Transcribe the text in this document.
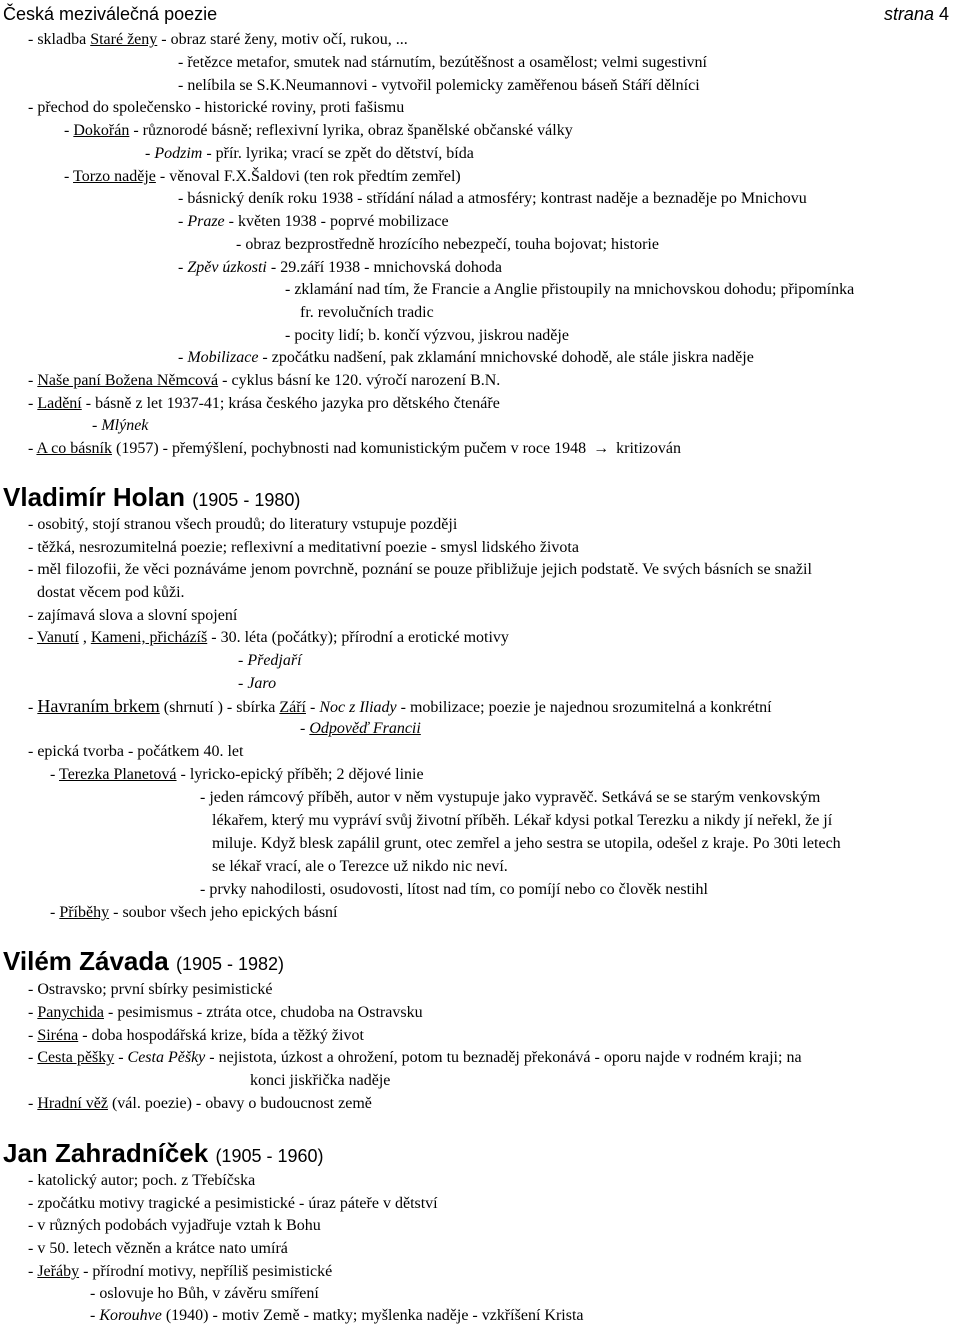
Česká meziválečná poezie	strana 4
- skladba Staré ženy - obraz staré ženy, motiv očí, rukou, ...
- řetězce metafor, smutek nad stárnutím, bezútěšnost a osamělost; velmi sugestivní
- nelíbila se S.K.Neumannovi - vytvořil polemicky zaměřenou báseň Stáří dělníci
- přechod do společensko - historické roviny, proti fašismu
- Dokořán - různorodé básně; reflexivní lyrika, obraz španělské občanské války
- Podzim - přír. lyrika; vrací se zpět do dětství, bída
- Torzo naděje - věnoval F.X.Šaldovi (ten rok předtím zemřel)
- básnický deník roku 1938 - střídání nálad a atmosféry; kontrast naděje a beznaděje po Mnichovu
- Praze - květen 1938 - poprvé mobilizace
- obraz bezprostředně hrozícího nebezpečí, touha bojovat; historie
- Zpěv úzkosti - 29.září 1938 - mnichovská dohoda
- zklamání nad tím, že Francie a Anglie přistoupily na mnichovskou dohodu; připomínka
fr. revolučních tradic
- pocity lidí; b. končí výzvou, jiskrou naděje
- Mobilizace - zpočátku nadšení, pak zklamání mnichovské dohodě, ale stále jiskra naděje
- Naše paní Božena Němcová - cyklus básní ke 120. výročí narození B.N.
- Ladění - básně z let 1937-41; krása českého jazyka pro dětského čtenáře
- Mlýnek
- A co básník (1957) - přemýšlení, pochybnosti nad komunistickým pučem v roce 1948 → kritizován
Vladimír Holan (1905 - 1980)
- osobitý, stojí stranou všech proudů; do literatury vstupuje později
- těžká, nesrozumitelná poezie; reflexivní a meditativní poezie - smysl lidského života
- měl filozofii, že věci poznáváme jenom povrchně, poznání se pouze přibližuje jejich podstatě. Ve svých básních se snažil
dostat věcem pod kůži.
- zajímavá slova a slovní spojení
- Vanutí , Kameni, přicházíš - 30. léta (počátky); přírodní a erotické motivy
- Předjaří
- Jaro
- Havraním brkem (shrnutí ) - sbírka Září - Noc z Iliady - mobilizace; poezie je najednou srozumitelná a konkrétní
- Odpověď Francii
- epická tvorba - počátkem 40. let
- Terezka Planetová - lyricko-epický příběh; 2 dějové linie
- jeden rámcový příběh, autor v něm vystupuje jako vypravěč. Setkává se se starým venkovským
lékařem, který mu vypráví svůj životní příběh. Lékař kdysi potkal Terezku a nikdy jí neřekl, že jí
miluje. Když blesk zapálil grunt, otec zemřel a jeho sestra se utopila, odešel z kraje. Po 30ti letech
se lékař vrací, ale o Terezce už nikdo nic neví.
- prvky nahodilosti, osudovosti, lítost nad tím, co pomíjí nebo co člověk nestihl
- Příběhy - soubor všech jeho epických básní
Vilém Závada (1905 - 1982)
- Ostravsko; první sbírky pesimistické
- Panychida - pesimismus - ztráta otce, chudoba na Ostravsku
- Siréna - doba hospodářská krize, bída a těžký život
- Cesta pěšky - Cesta Pěšky - nejistota, úzkost a ohrožení, potom tu beznaděj překonává - oporu najde v rodném kraji; na
konci jiskřička naděje
- Hradní věž (vál. poezie) - obavy o budoucnost země
Jan Zahradníček (1905 - 1960)
- katolický autor; poch. z Třebíčska
- zpočátku motivy tragické a pesimistické - úraz páteře v dětství
- v různých podobách vyjadřuje vztah k Bohu
- v 50. letech vězněn a krátce nato umírá
- Jeřáby - přírodní motivy, nepříliš pesimistické
- oslovuje ho Bůh, v závěru smíření
- Korouhve (1940) - motiv Země - matky; myšlenka naděje - vzkříšení Krista
